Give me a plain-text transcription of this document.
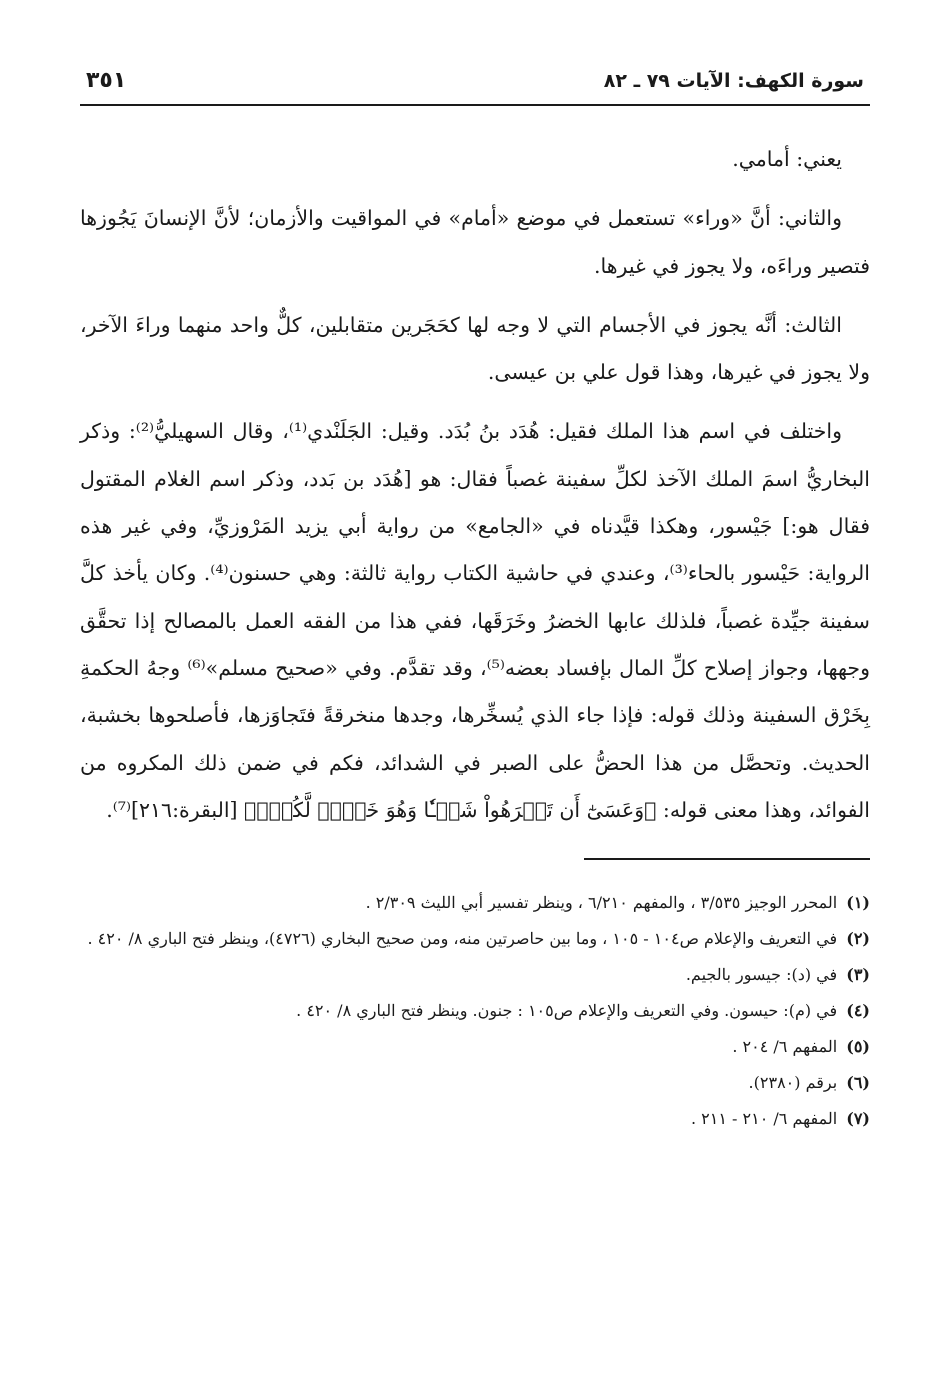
سورة الكهف: الآيات ٧٩ ـ ٨٢
٣٥١

يعني: أمامي.

والثاني: أنَّ «وراء» تستعمل في موضع «أمام» في المواقيت والأزمان؛ لأنَّ الإنسانَ يَجُوزها فتصير وراءَه، ولا يجوز في غيرها.

الثالث: أنَّه يجوز في الأجسام التي لا وجه لها كحَجَرين متقابلين، كلٌّ واحد منهما وراءَ الآخر، ولا يجوز في غيرها، وهذا قول علي بن عيسى.

واختلف في اسم هذا الملك فقيل: هُدَد بنُ بُدَد. وقيل: الجَلَنْدي⁽¹⁾، وقال السهيليُّ⁽²⁾: وذكر البخاريُّ اسمَ الملك الآخذ لكلِّ سفينة غصباً فقال: هو [هُدَد بن بَدد، وذكر اسم الغلام المقتول فقال هو:] جَيْسور، وهكذا قيَّدناه في «الجامع» من رواية أبي يزيد المَرْوزيِّ، وفي غير هذه الرواية: حَيْسور بالحاء⁽³⁾، وعندي في حاشية الكتاب رواية ثالثة: وهي حسنون⁽⁴⁾. وكان يأخذ كلَّ سفينة جيِّدة غصباً، فلذلك عابها الخضرُ وخَرَقَها، ففي هذا من الفقه العمل بالمصالح إذا تحقَّق وجهها، وجواز إصلاح كلِّ المال بإفساد بعضه⁽⁵⁾، وقد تقدَّم. وفي «صحيح مسلم»⁽⁶⁾ وجهُ الحكمةِ بِخَرْق السفينة وذلك قوله: فإذا جاء الذي يُسخِّرها، وجدها منخرقةً فتَجاوَزها، فأصلحوها بخشبة، الحديث. وتحصَّل من هذا الحضُّ على الصبر في الشدائد، فكم في ضمن ذلك المكروه من الفوائد، وهذا معنى قوله: ﴿وَعَسَىٰٓ أَن تَكۡرَهُواْ شَيۡـٔٗا وَهُوَ خَيۡرٞ لَّكُمۡۖ﴾ [البقرة:٢١٦]⁽⁷⁾.

(١) المحرر الوجيز ٣/٥٣٥ ، والمفهم ٦/٢١٠ ، وينظر تفسير أبي الليث ٢/٣٠٩ .
(٢) في التعريف والإعلام ص١٠٤ - ١٠٥ ، وما بين حاصرتين منه، ومن صحيح البخاري (٤٧٢٦)، وينظر فتح الباري ٨/ ٤٢٠ .
(٣) في (د): جيسور بالجيم.
(٤) في (م): حيسون. وفي التعريف والإعلام ص١٠٥ : جنون. وينظر فتح الباري ٨/ ٤٢٠ .
(٥) المفهم ٦/ ٢٠٤ .
(٦) برقم (٢٣٨٠).
(٧) المفهم ٦/ ٢١٠ - ٢١١ .
